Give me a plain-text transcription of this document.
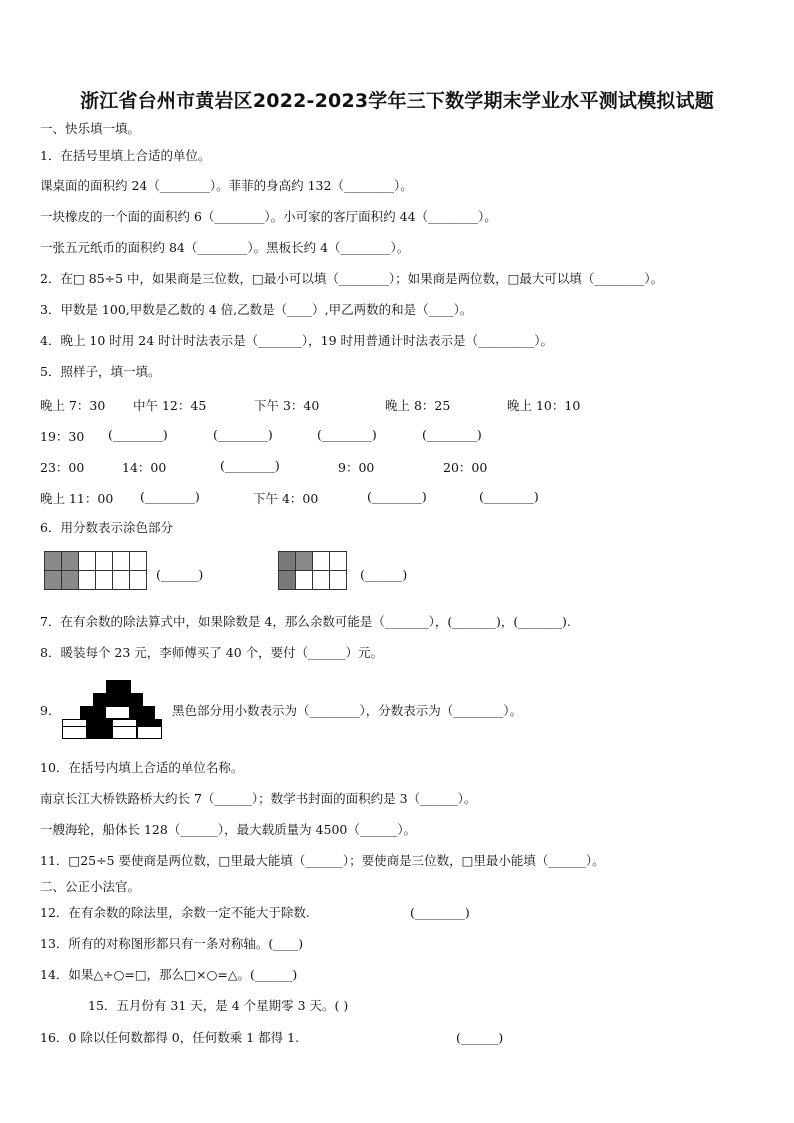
浙江省台州市黄岩区2022-2023学年三下数学期末学业水平测试模拟试题
一、快乐填一填。
1．在括号里填上合适的单位。
课桌面的面积约 24（________）。菲菲的身高约 132（________）。
一块橡皮的一个面的面积约 6（________）。小可家的客厅面积约 44（________）。
一张五元纸币的面积约 84（________）。黑板长约 4（________）。
2．在□ 85÷5 中，如果商是三位数，□最小可以填（________）；如果商是两位数，□最大可以填（________）。
3．甲数是 100,甲数是乙数的 4 倍,乙数是（____）,甲乙两数的和是（____）。
4．晚上 10 时用 24 时计时法表示是（_______），19 时用普通计时法表示是（_________）。
5．照样子，填一填。
晚上 7：30 中午 12：45	下午 3：40	晚上 8：25	晚上 10：10
19：30 (________)	(________)	(________)	(________)
23：00	14：00	(________)	9：00	20：00
晚上 11：00 (________)	下午 4：00	(________)	(________)
6．用分数表示涂色部分

(______)

				(______)
7．在有余数的除法算式中，如果除数是 4，那么余数可能是（_______），(_______)，(_______).
8．暖装每个 23 元，李师傅买了 40 个，要付（______）元。
9.	黑色部分用小数表示为（________），分数表示为（________）。
10．在括号内填上合适的单位名称。
南京长江大桥铁路桥大约长 7（______）；数学书封面的面积约是 3（______）。
一艘海轮，船体长 128（______），最大载质量为 4500（______）。
11．□25÷5 要使商是两位数，□里最大能填（______）；要使商是三位数，□里最小能填（______）。
二、公正小法官。
12．在有余数的除法里，余数一定不能大于除数.	(________)
13．所有的对称图形都只有一条对称轴。(____)
14．如果△÷○=□，那么□×○=△。(______)
15．五月份有 31 天，是 4 个星期零 3 天。( )
16．0 除以任何数都得 0，任何数乘 1 都得 1.	(______)
